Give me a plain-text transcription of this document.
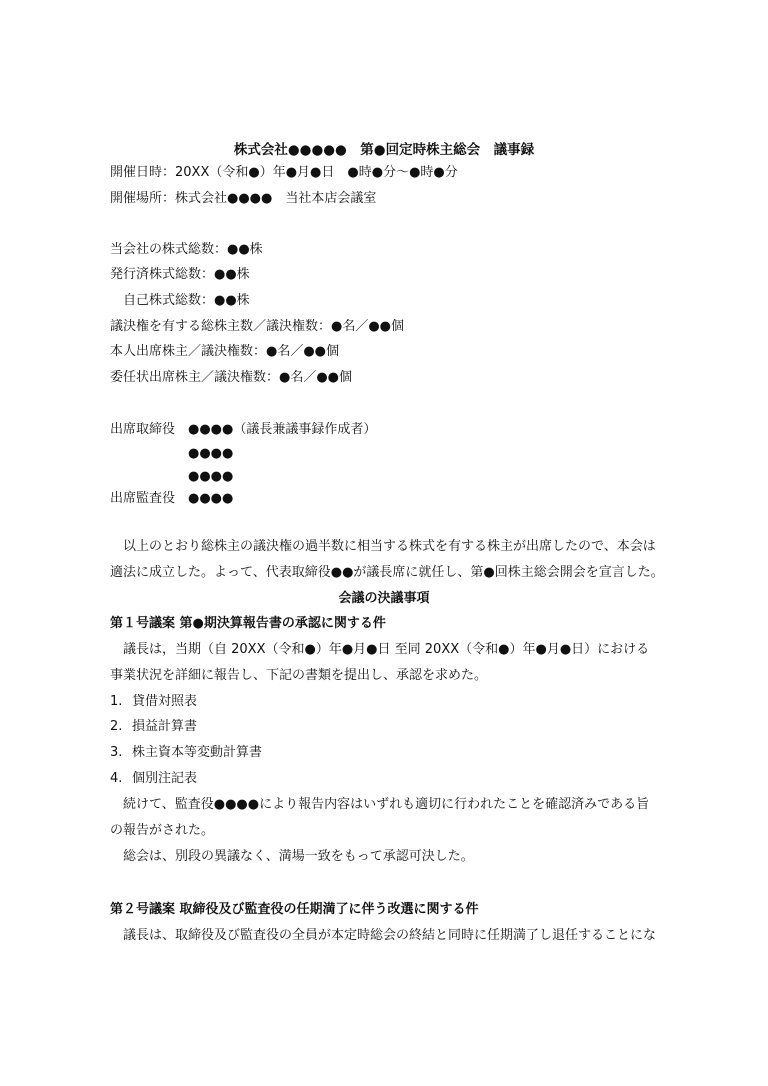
株式会社●●●●●　第●回定時株主総会　議事録
開催日時：20XX（令和●）年●月●日　●時●分～●時●分
開催場所：株式会社●●●●　当社本店会議室
当会社の株式総数：●●株
発行済株式総数：●●株
自己株式総数：●●株
議決権を有する総株主数／議決権数：●名／●●個
本人出席株主／議決権数：●名／●●個
委任状出席株主／議決権数：●名／●●個
出席取締役 ●●●●（議長兼議事録作成者）
●●●●
●●●●
出席監査役 ●●●●
以上のとおり総株主の議決権の過半数に相当する株式を有する株主が出席したので、本会は
適法に成立した。よって、代表取締役●●が議長席に就任し、第●回株主総会開会を宣言した。
会議の決議事項
第１号議案 第●期決算報告書の承認に関する件
議長は，当期（自 20XX（令和●）年●月●日 至同 20XX（令和●）年●月●日）における
事業状況を詳細に報告し、下記の書類を提出し、承認を求めた。
1. 貸借対照表
2. 損益計算書
3. 株主資本等変動計算書
4. 個別注記表
続けて、監査役●●●●により報告内容はいずれも適切に行われたことを確認済みである旨
の報告がされた。
総会は、別段の異議なく、満場一致をもって承認可決した。
第２号議案 取締役及び監査役の任期満了に伴う改選に関する件
議長は、取締役及び監査役の全員が本定時総会の終結と同時に任期満了し退任することにな
